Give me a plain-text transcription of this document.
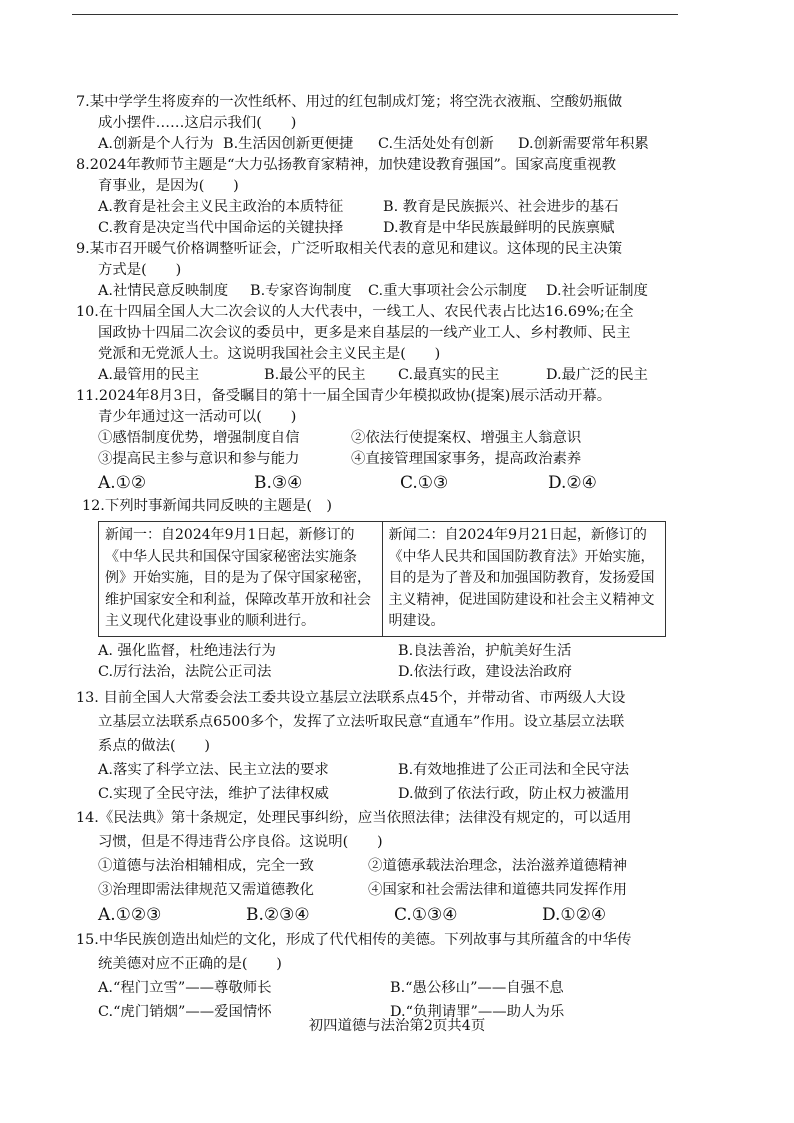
7.某中学学生将废弃的一次性纸杯、用过的红包制成灯笼；将空洗衣液瓶、空酸奶瓶做

成小摆件……这启示我们(　　)

A.创新是个人行为 B.生活因创新更便捷	C.生活处处有创新	D.创新需要常年积累

8.2024年教师节主题是“大力弘扬教育家精神，加快建设教育强国”。国家高度重视教

育事业，是因为(　　)

A.教育是社会主义民主政治的本质特征	B. 教育是民族振兴、社会进步的基石
C.教育是决定当代中国命运的关键抉择	D.教育是中华民族最鲜明的民族禀赋

9.某市召开暖气价格调整听证会，广泛听取相关代表的意见和建议。这体现的民主决策

方式是(　　)

A.社情民意反映制度	B.专家咨询制度	C.重大事项社会公示制度	D.社会听证制度

10.在十四届全国人大二次会议的人大代表中，一线工人、农民代表占比达16.69%;在全

国政协十四届二次会议的委员中，更多是来自基层的一线产业工人、乡村教师、民主

党派和无党派人士。这说明我国社会主义民主是(　　)

A.最管用的民主	B.最公平的民主	C.最真实的民主	D.最广泛的民主

11.2024年8月3日，备受瞩目的第十一届全国青少年模拟政协(提案)展示活动开幕。

青少年通过这一活动可以(　　)

①感悟制度优势，增强制度自信	②依法行使提案权、增强主人翁意识
③提高民主参与意识和参与能力	④直接管理国家事务，提高政治素养
A.①②	B.③④	C.①③	D.②④

12.下列时事新闻共同反映的主题是(　)

新闻一：自2024年9月1日起，新修订的《中华人民共和国保守国家秘密法实施条例》开始实施，目的是为了保守国家秘密，维护国家安全和利益，保障改革开放和社会主义现代化建设事业的顺利进行。
新闻二：自2024年9月21日起，新修订的《中华人民共和国国防教育法》开始实施，目的是为了普及和加强国防教育，发扬爱国主义精神，促进国防建设和社会主义精神文明建设。
A. 强化监督，杜绝违法行为	B.良法善治，护航美好生活
C.厉行法治，法院公正司法	D.依法行政，建设法治政府

13. 目前全国人大常委会法工委共设立基层立法联系点45个，并带动省、市两级人大设

立基层立法联系点6500多个，发挥了立法听取民意“直通车”作用。设立基层立法联

系点的做法(　　)

A.落实了科学立法、民主立法的要求	B.有效地推进了公正司法和全民守法
C.实现了全民守法，维护了法律权威	D.做到了依法行政，防止权力被滥用

14.《民法典》第十条规定，处理民事纠纷，应当依照法律；法律没有规定的，可以适用

习惯，但是不得违背公序良俗。这说明(　　)

①道德与法治相辅相成，完全一致	②道德承载法治理念，法治滋养道德精神
③治理即需法律规范又需道德教化	④国家和社会需法律和道德共同发挥作用
A.①②③	B.②③④	C.①③④	D.①②④

15.中华民族创造出灿烂的文化，形成了代代相传的美德。下列故事与其所蕴含的中华传

统美德对应不正确的是(　　)

A.“程门立雪”——尊敬师长	B.“愚公移山”——自强不息
C.“虎门销烟”——爱国情怀	D.“负荆请罪”——助人为乐
初四道德与法治第2页共4页
